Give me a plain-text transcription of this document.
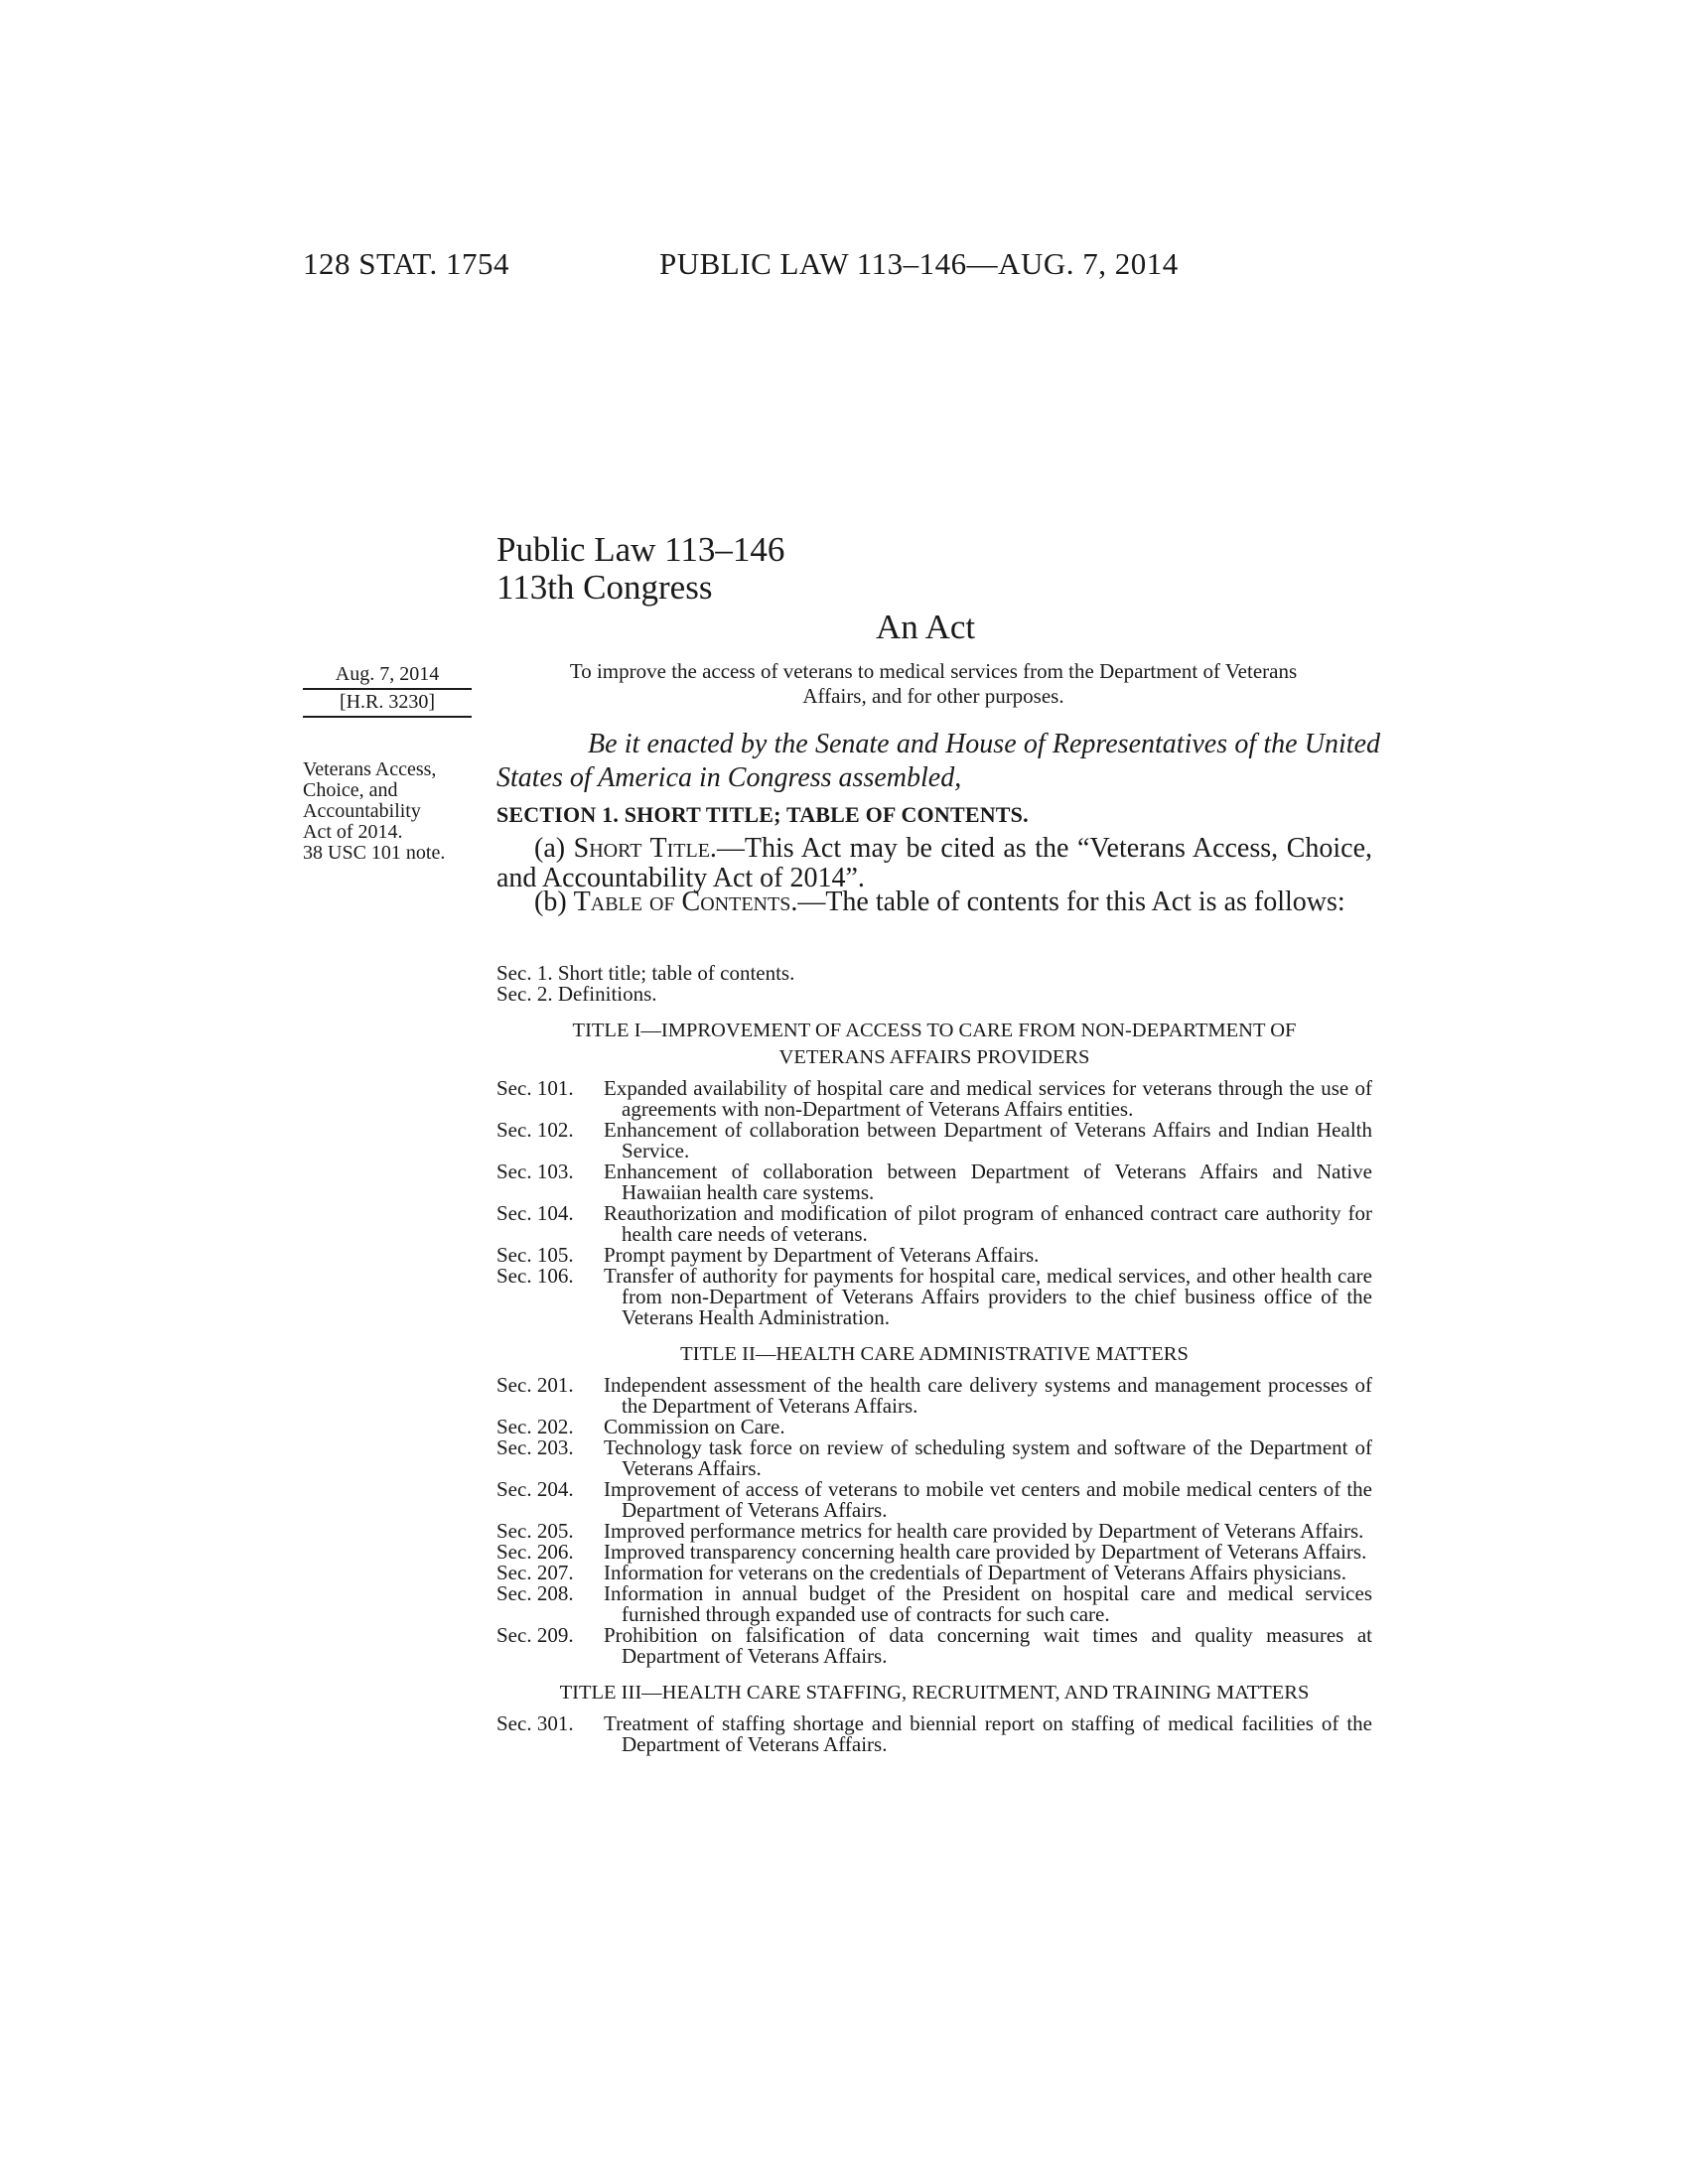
128 STAT. 1754	PUBLIC LAW 113–146—AUG. 7, 2014
Public Law 113–146
113th Congress
An Act
To improve the access of veterans to medical services from the Department of Veterans Affairs, and for other purposes.
Aug. 7, 2014
[H.R. 3230]
Veterans Access,
Choice, and
Accountability
Act of 2014.
38 USC 101 note.
Be it enacted by the Senate and House of Representatives of the United States of America in Congress assembled,
SECTION 1. SHORT TITLE; TABLE OF CONTENTS.
(a) Short Title.—This Act may be cited as the “Veterans Access, Choice, and Accountability Act of 2014”.
(b) Table of Contents.—The table of contents for this Act is as follows:
Sec. 1. Short title; table of contents.
Sec. 2. Definitions.
TITLE I—IMPROVEMENT OF ACCESS TO CARE FROM NON-DEPARTMENT OF VETERANS AFFAIRS PROVIDERS
Sec. 101.	Expanded availability of hospital care and medical services for veterans through the use of agreements with non-Department of Veterans Affairs entities.
Sec. 102.	Enhancement of collaboration between Department of Veterans Affairs and Indian Health Service.
Sec. 103.	Enhancement of collaboration between Department of Veterans Affairs and Native Hawaiian health care systems.
Sec. 104.	Reauthorization and modification of pilot program of enhanced contract care authority for health care needs of veterans.
Sec. 105.	Prompt payment by Department of Veterans Affairs.
Sec. 106.	Transfer of authority for payments for hospital care, medical services, and other health care from non-Department of Veterans Affairs providers to the chief business office of the Veterans Health Administration.
TITLE II—HEALTH CARE ADMINISTRATIVE MATTERS
Sec. 201.	Independent assessment of the health care delivery systems and management processes of the Department of Veterans Affairs.
Sec. 202.	Commission on Care.
Sec. 203.	Technology task force on review of scheduling system and software of the Department of Veterans Affairs.
Sec. 204.	Improvement of access of veterans to mobile vet centers and mobile medical centers of the Department of Veterans Affairs.
Sec. 205.	Improved performance metrics for health care provided by Department of Veterans Affairs.
Sec. 206.	Improved transparency concerning health care provided by Department of Veterans Affairs.
Sec. 207.	Information for veterans on the credentials of Department of Veterans Affairs physicians.
Sec. 208.	Information in annual budget of the President on hospital care and medical services furnished through expanded use of contracts for such care.
Sec. 209.	Prohibition on falsification of data concerning wait times and quality measures at Department of Veterans Affairs.
TITLE III—HEALTH CARE STAFFING, RECRUITMENT, AND TRAINING MATTERS
Sec. 301.	Treatment of staffing shortage and biennial report on staffing of medical facilities of the Department of Veterans Affairs.
